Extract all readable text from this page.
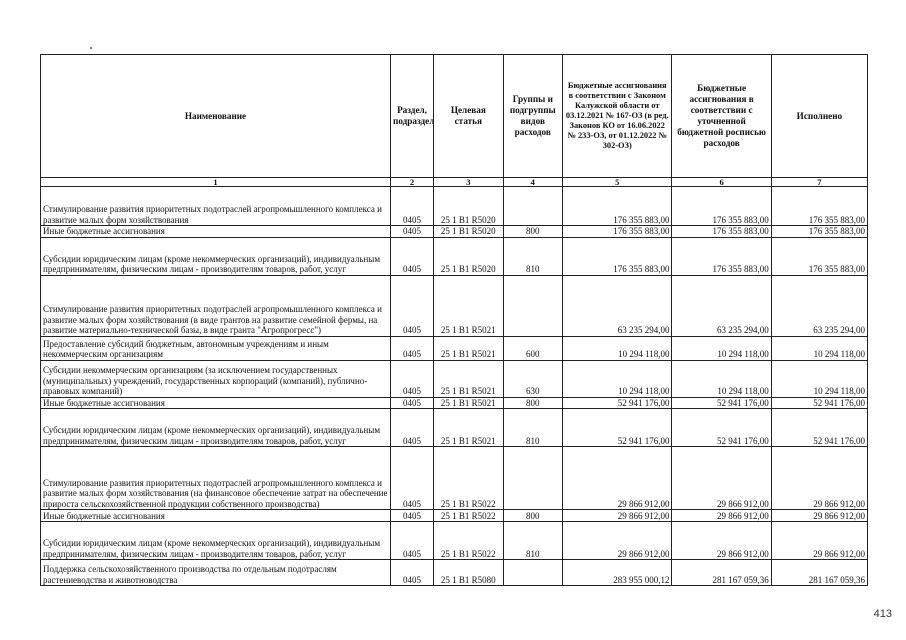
Наименование	Раздел, подраздел	Целевая статья	Группы и подгруппы видов расходов	Бюджетные ассигнования в соответствии с Законом Калужской области от 03.12.2021 № 167-ОЗ (в ред. Законов КО от 16.06.2022 № 233-ОЗ, от 01.12.2022 № 302-ОЗ)	Бюджетные ассигнования в соответствии с уточненной бюджетной росписью расходов	Исполнено
1	2	3	4	5	6	7
Стимулирование развития приоритетных подотраслей агропромышленного комплекса и развитие малых форм хозяйствования	0405	25 1 B1 R5020		176 355 883,00	176 355 883,00	176 355 883,00
Иные бюджетные ассигнования	0405	25 1 B1 R5020	800	176 355 883,00	176 355 883,00	176 355 883,00
Субсидии юридическим лицам (кроме некоммерческих организаций), индивидуальным предпринимателям, физическим лицам - производителям товаров, работ, услуг	0405	25 1 B1 R5020	810	176 355 883,00	176 355 883,00	176 355 883,00
Стимулирование развития приоритетных подотраслей агропромышленного комплекса и развитие малых форм хозяйствования (в виде грантов на развитие семейной фермы, на развитие материально-технической базы, в виде гранта "Агропрогресс")	0405	25 1 B1 R5021		63 235 294,00	63 235 294,00	63 235 294,00
Предоставление субсидий бюджетным, автономным учреждениям и иным некоммерческим организациям	0405	25 1 B1 R5021	600	10 294 118,00	10 294 118,00	10 294 118,00
Субсидии некоммерческим организациям (за исключением государственных (муниципальных) учреждений, государственных корпораций (компаний), публично-правовых компаний)	0405	25 1 B1 R5021	630	10 294 118,00	10 294 118,00	10 294 118,00
Иные бюджетные ассигнования	0405	25 1 B1 R5021	800	52 941 176,00	52 941 176,00	52 941 176,00
Субсидии юридическим лицам (кроме некоммерческих организаций), индивидуальным предпринимателям, физическим лицам - производителям товаров, работ, услуг	0405	25 1 B1 R5021	810	52 941 176,00	52 941 176,00	52 941 176,00
Стимулирование развития приоритетных подотраслей агропромышленного комплекса и развитие малых форм хозяйствования (на финансовое обеспечение затрат на обеспечение прироста сельскохозяйственной продукции собственного производства)	0405	25 1 B1 R5022		29 866 912,00	29 866 912,00	29 866 912,00
Иные бюджетные ассигнования	0405	25 1 B1 R5022	800	29 866 912,00	29 866 912,00	29 866 912,00
Субсидии юридическим лицам (кроме некоммерческих организаций), индивидуальным предпринимателям, физическим лицам - производителям товаров, работ, услуг	0405	25 1 B1 R5022	810	29 866 912,00	29 866 912,00	29 866 912,00
Поддержка сельскохозяйственного производства по отдельным подотраслям растениеводства и животноводства	0405	25 1 B1 R5080		283 955 000,12	281 167 059,36	281 167 059,36
413
